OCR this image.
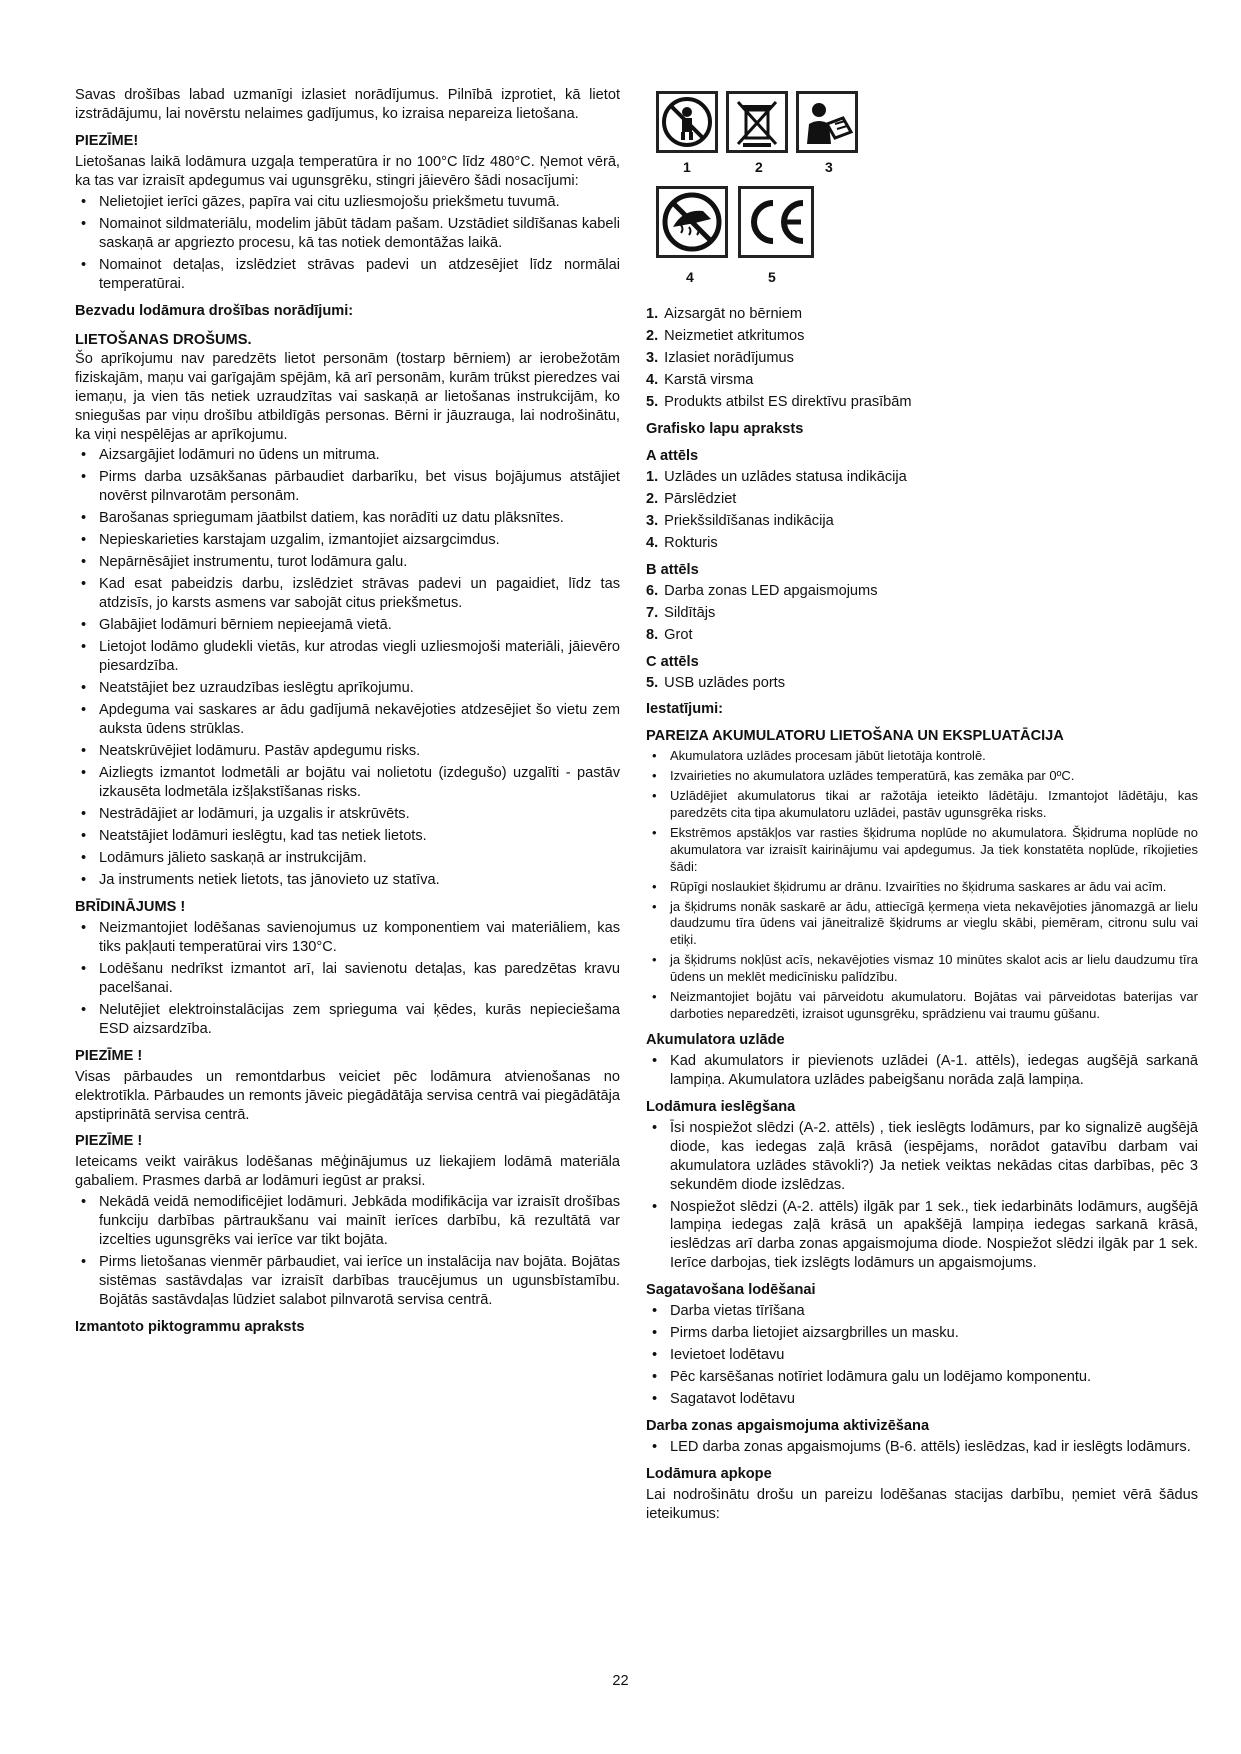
Savas drošības labad uzmanīgi izlasiet norādījumus. Pilnībā izprotiet, kā lietot izstrādājumu, lai novērstu nelaimes gadījumus, ko izraisa nepareiza lietošana.

PIEZĪME!

Lietošanas laikā lodāmura uzgaļa temperatūra ir no 100°C līdz 480°C. Ņemot vērā, ka tas var izraisīt apdegumus vai ugunsgrēku, stingri jāievēro šādi nosacījumi:

• Nelietojiet ierīci gāzes, papīra vai citu uzliesmojošu priekšmetu tuvumā.
• Nomainot sildmateriālu, modelim jābūt tādam pašam. Uzstādiet sildīšanas kabeli saskaņā ar apgriezto procesu, kā tas notiek demontāžas laikā.
• Nomainot detaļas, izslēdziet strāvas padevi un atdzesējiet līdz normālai temperatūrai.
Bezvadu lodāmura drošības norādījumi:
LIETOŠANAS DROŠUMS.

Šo aprīkojumu nav paredzēts lietot personām (tostarp bērniem) ar ierobežotām fiziskajām, maņu vai garīgajām spējām, kā arī personām, kurām trūkst pieredzes vai iemaņu, ja vien tās netiek uzraudzītas vai saskaņā ar lietošanas instrukcijām, ko sniegušas par viņu drošību atbildīgās personas. Bērni ir jāuzrauga, lai nodrošinātu, ka viņi nespēlējas ar aprīkojumu.

• Aizsargājiet lodāmuri no ūdens un mitruma.
• Pirms darba uzsākšanas pārbaudiet darbarīku, bet visus bojājumus atstājiet novērst pilnvarotām personām.
• Barošanas spriegumam jāatbilst datiem, kas norādīti uz datu plāksnītes.
• Nepieskarieties karstajam uzgalim, izmantojiet aizsargcimdus.
• Nepārnēsājiet instrumentu, turot lodāmura galu.
• Kad esat pabeidzis darbu, izslēdziet strāvas padevi un pagaidiet, līdz tas atdzisīs, jo karsts asmens var sabojāt citus priekšmetus.
• Glabājiet lodāmuri bērniem nepieejamā vietā.
• Lietojot lodāmo gludekli vietās, kur atrodas viegli uzliesmojoši materiāli, jāievēro piesardzība.
• Neatstājiet bez uzraudzības ieslēgtu aprīkojumu.
• Apdeguma vai saskares ar ādu gadījumā nekavējoties atdzesējiet šo vietu zem auksta ūdens strūklas.
• Neatskrūvējiet lodāmuru. Pastāv apdegumu risks.
• Aizliegts izmantot lodmetāli ar bojātu vai nolietotu (izdegušo) uzgalīti - pastāv izkausēta lodmetāla izšļakstīšanas risks.
• Nestrādājiet ar lodāmuri, ja uzgalis ir atskrūvēts.
• Neatstājiet lodāmuri ieslēgtu, kad tas netiek lietots.
• Lodāmurs jālieto saskaņā ar instrukcijām.
• Ja instruments netiek lietots, tas jānovieto uz statīva.
BRĪDINĀJUMS !
• Neizmantojiet lodēšanas savienojumus uz komponentiem vai materiāliem, kas tiks pakļauti temperatūrai virs 130°C.
• Lodēšanu nedrīkst izmantot arī, lai savienotu detaļas, kas paredzētas kravu pacelšanai.
• Nelutējiet elektroinstalācijas zem sprieguma vai ķēdes, kurās nepieciešama ESD aizsardzība.
PIEZĪME !

Visas pārbaudes un remontdarbus veiciet pēc lodāmura atvienošanas no elektrotīkla. Pārbaudes un remonts jāveic piegādātāja servisa centrā vai piegādātāja apstiprinātā servisa centrā.

PIEZĪME !

Ieteicams veikt vairākus lodēšanas mēģinājumus uz liekajiem lodāmā materiāla gabaliem. Prasmes darbā ar lodāmuri iegūst ar praksi.

• Nekādā veidā nemodificējiet lodāmuri. Jebkāda modifikācija var izraisīt drošības funkciju darbības pārtraukšanu vai mainīt ierīces darbību, kā rezultātā var izcelties ugunsgrēks vai ierīce var tikt bojāta.
• Pirms lietošanas vienmēr pārbaudiet, vai ierīce un instalācija nav bojāta. Bojātas sistēmas sastāvdaļas var izraisīt darbības traucējumus un ugunsbīstamību. Bojātās sastāvdaļas lūdziet salabot pilnvarotā servisa centrā.
Izmantoto piktogrammu apraksts
1	2	3
4	5
1. Aizsargāt no bērniem
2. Neizmetiet atkritumos
3. Izlasiet norādījumus
4. Karstā virsma
5. Produkts atbilst ES direktīvu prasībām
Grafisko lapu apraksts
A attēls
1. Uzlādes un uzlādes statusa indikācija
2. Pārslēdziet
3. Priekšsildīšanas indikācija
4. Rokturis
B attēls
6. Darba zonas LED apgaismojums
7. Sildītājs
8. Grot
C attēls
5. USB uzlādes ports
Iestatījumi:
PAREIZA AKUMULATORU LIETOŠANA UN EKSPLUATĀCIJA
• Akumulatora uzlādes procesam jābūt lietotāja kontrolē.
• Izvairieties no akumulatora uzlādes temperatūrā, kas zemāka par 0ºC.
• Uzlādējiet akumulatorus tikai ar ražotāja ieteikto lādētāju. Izmantojot lādētāju, kas paredzēts cita tipa akumulatoru uzlādei, pastāv ugunsgrēka risks.
• Ekstrēmos apstākļos var rasties šķidruma noplūde no akumulatora. Šķidruma noplūde no akumulatora var izraisīt kairinājumu vai apdegumus. Ja tiek konstatēta noplūde, rīkojieties šādi:
• Rūpīgi noslaukiet šķidrumu ar drānu. Izvairīties no šķidruma saskares ar ādu vai acīm.
• ja šķidrums nonāk saskarē ar ādu, attiecīgā ķermeņa vieta nekavējoties jānomazgā ar lielu daudzumu tīra ūdens vai jāneitralizē šķidrums ar vieglu skābi, piemēram, citronu sulu vai etiķi.
• ja šķidrums nokļūst acīs, nekavējoties vismaz 10 minūtes skalot acis ar lielu daudzumu tīra ūdens un meklēt medicīnisku palīdzību.
• Neizmantojiet bojātu vai pārveidotu akumulatoru. Bojātas vai pārveidotas baterijas var darboties neparedzēti, izraisot ugunsgrēku, sprādzienu vai traumu gūšanu.
Akumulatora uzlāde
• Kad akumulators ir pievienots uzlādei (A-1. attēls), iedegas augšējā sarkanā lampiņa. Akumulatora uzlādes pabeigšanu norāda zaļā lampiņa.
Lodāmura ieslēgšana
• Īsi nospiežot slēdzi (A-2. attēls) , tiek ieslēgts lodāmurs, par ko signalizē augšējā diode, kas iedegas zaļā krāsā (iespējams, norādot gatavību darbam vai akumulatora uzlādes stāvokli?) Ja netiek veiktas nekādas citas darbības, pēc 3 sekundēm diode izslēdzas.
• Nospiežot slēdzi (A-2. attēls) ilgāk par 1 sek., tiek iedarbināts lodāmurs, augšējā lampiņa iedegas zaļā krāsā un apakšējā lampiņa iedegas sarkanā krāsā, ieslēdzas arī darba zonas apgaismojuma diode. Nospiežot slēdzi ilgāk par 1 sek. Ierīce darbojas, tiek izslēgts lodāmurs un apgaismojums.
Sagatavošana lodēšanai
• Darba vietas tīrīšana
• Pirms darba lietojiet aizsargbrilles un masku.
• Ievietoet lodētavu
• Pēc karsēšanas notīriet lodāmura galu un lodējamo komponentu.
• Sagatavot lodētavu
Darba zonas apgaismojuma aktivizēšana
• LED darba zonas apgaismojums (B-6. attēls) ieslēdzas, kad ir ieslēgts lodāmurs.
Lodāmura apkope

Lai nodrošinātu drošu un pareizu lodēšanas stacijas darbību, ņemiet vērā šādus ieteikumus:

22
